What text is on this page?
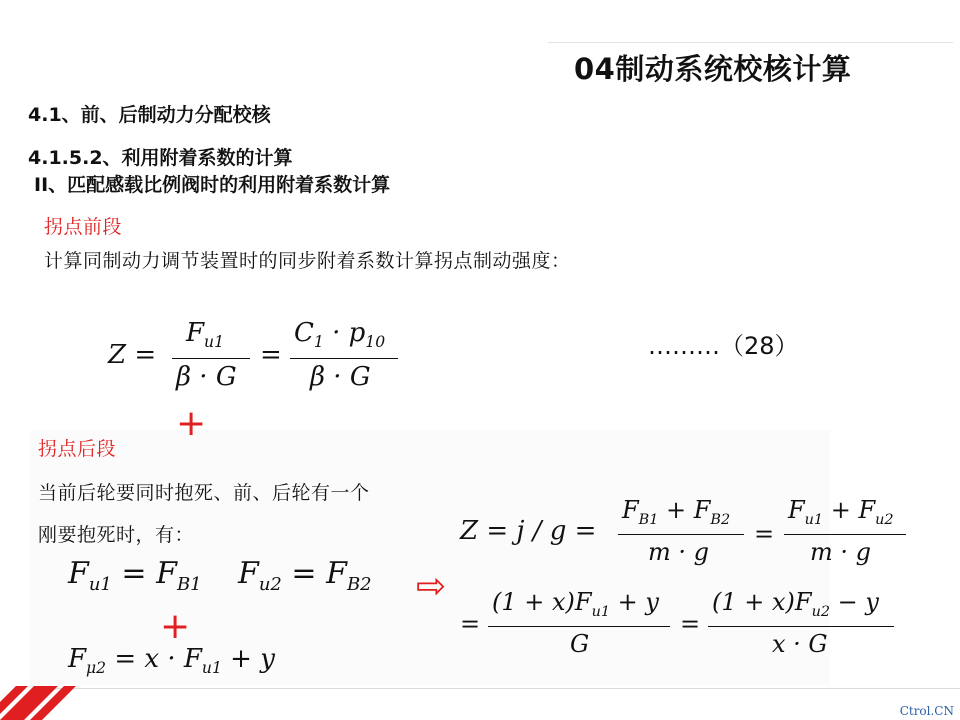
04制动系统校核计算
4.1、前、后制动力分配校核
4.1.5.2、利用附着系数的计算
II、匹配感载比例阀时的利用附着系数计算
拐点前段
计算同制动力调节装置时的同步附着系数计算拐点制动强度：
Z =
$F_{u1}$
β · G
=
$C_1 \cdot p_{10}$
β · G
………（28）
+
拐点后段
当前后轮要同时抱死、前、后轮有一个
刚要抱死时，有：
$F_{u1} = F_{B1}$ $F_{u2} = F_{B2}$
+
$F_{\mu 2} = x \cdot F_{u1} + y$
⇨
Z = j / g =
$F_{B1} + F_{B2}$
m · g
=
$F_{u1} + F_{u2}$
m · g
=
$(1 + x)F_{u1} + y$
G
=
$(1 + x)F_{u2} - y$
x · G
Ctrol.CN
